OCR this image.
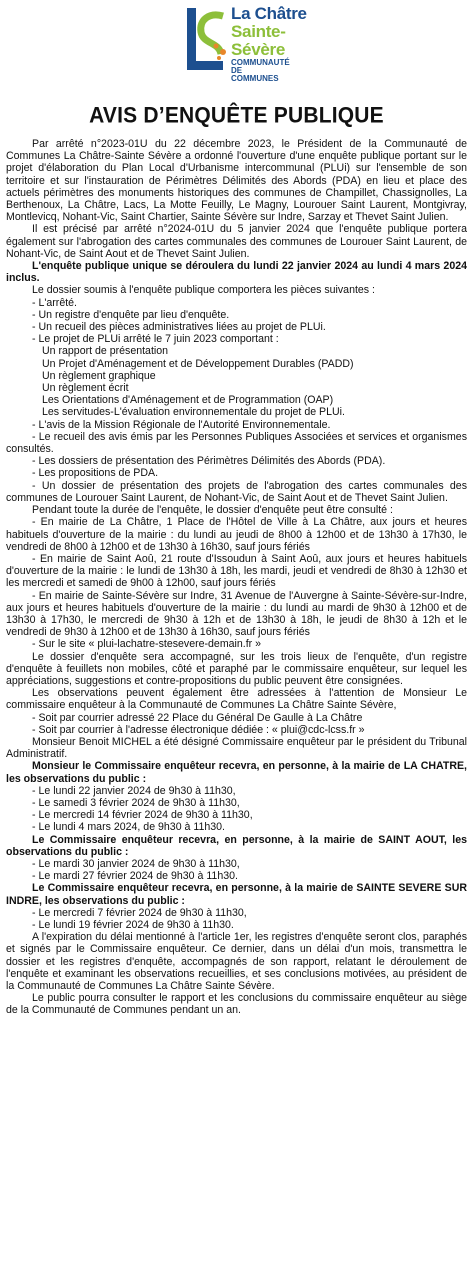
La Châtre
Sainte-
Sévère
COMMUNAUTÉ DE COMMUNES
AVIS D’ENQUÊTE PUBLIQUE

Par arrêté n°2023-01U du 22 décembre 2023, le Président de la Communauté de Communes La Châtre-Sainte Sévère a ordonné l'ouverture d'une enquête publique portant sur le projet d'élaboration du Plan Local d'Urbanisme intercommunal (PLUi) sur l'ensemble de son territoire et sur l'instauration de Périmètres Délimités des Abords (PDA) en lieu et place des actuels périmètres des monuments historiques des communes de Champillet, Chassignolles, La Berthenoux, La Châtre, Lacs, La Motte Feuilly, Le Magny, Lourouer Saint Laurent, Montgivray, Montlevicq, Nohant-Vic, Saint Chartier, Sainte Sévère sur Indre, Sarzay et Thevet Saint Julien.

Il est précisé par arrêté n°2024-01U du 5 janvier 2024 que l'enquête publique portera également sur l'abrogation des cartes communales des communes de Lourouer Saint Laurent, de Nohant-Vic, de Saint Aout et de Thevet Saint Julien.

L'enquête publique unique se déroulera du lundi 22 janvier 2024 au lundi 4 mars 2024 inclus.

Le dossier soumis à l'enquête publique comportera les pièces suivantes :

- L'arrêté.

- Un registre d'enquête par lieu d'enquête.

- Un recueil des pièces administratives liées au projet de PLUi.

- Le projet de PLUi arrêté le 7 juin 2023 comportant :

Un rapport de présentation

Un Projet d'Aménagement et de Développement Durables (PADD)

Un règlement graphique

Un règlement écrit

Les Orientations d'Aménagement et de Programmation (OAP)

Les servitudes-L'évaluation environnementale du projet de PLUi.

- L'avis de la Mission Régionale de l'Autorité Environnementale.

- Le recueil des avis émis par les Personnes Publiques Associées et services et organismes consultés.

- Les dossiers de présentation des Périmètres Délimités des Abords (PDA).

- Les propositions de PDA.

- Un dossier de présentation des projets de l'abrogation des cartes communales des communes de Lourouer Saint Laurent, de Nohant-Vic, de Saint Aout et de Thevet Saint Julien.

Pendant toute la durée de l'enquête, le dossier d'enquête peut être consulté :

- En mairie de La Châtre, 1 Place de l'Hôtel de Ville à La Châtre, aux jours et heures habituels d'ouverture de la mairie : du lundi au jeudi de 8h00 à 12h00 et de 13h30 à 17h30, le vendredi de 8h00 à 12h00 et de 13h30 à 16h30, sauf jours fériés

- En mairie de Saint Aoû, 21 route d'Issoudun à Saint Aoû, aux jours et heures habituels d'ouverture de la mairie : le lundi de 13h30 à 18h, les mardi, jeudi et vendredi de 8h30 à 12h30 et les mercredi et samedi de 9h00 à 12h00, sauf jours fériés

- En mairie de Sainte-Sévère sur Indre, 31 Avenue de l'Auvergne à Sainte-Sévère-sur-Indre, aux jours et heures habituels d'ouverture de la mairie : du lundi au mardi de 9h30 à 12h00 et de 13h30 à 17h30, le mercredi de 9h30 à 12h et de 13h30 à 18h, le jeudi de 8h30 à 12h et le vendredi de 9h30 à 12h00 et de 13h30 à 16h30, sauf jours fériés

- Sur le site « plui-lachatre-stesevere-demain.fr »

Le dossier d'enquête sera accompagné, sur les trois lieux de l'enquête, d'un registre d'enquête à feuillets non mobiles, côté et paraphé par le commissaire enquêteur, sur lequel les appréciations, suggestions et contre-propositions du public peuvent être consignées.

Les observations peuvent également être adressées à l'attention de Monsieur Le commissaire enquêteur à la Communauté de Communes La Châtre Sainte Sévère,

- Soit par courrier adressé 22 Place du Général De Gaulle à La Châtre

- Soit par courrier à l'adresse électronique dédiée : « plui@cdc-lcss.fr »

Monsieur Benoit MICHEL a été désigné Commissaire enquêteur par le président du Tribunal Administratif.

Monsieur le Commissaire enquêteur recevra, en personne, à la mairie de LA CHATRE, les observations du public :

- Le lundi 22 janvier 2024 de 9h30 à 11h30,

- Le samedi 3 février 2024 de 9h30 à 11h30,

- Le mercredi 14 février 2024 de 9h30 à 11h30,

- Le lundi 4 mars 2024, de 9h30 à 11h30.

Le Commissaire enquêteur recevra, en personne, à la mairie de SAINT AOUT, les observations du public :

- Le mardi 30 janvier 2024 de 9h30 à 11h30,

- Le mardi 27 février 2024 de 9h30 à 11h30.

Le Commissaire enquêteur recevra, en personne, à la mairie de SAINTE SEVERE SUR INDRE, les observations du public :

- Le mercredi 7 février 2024 de 9h30 à 11h30,

- Le lundi 19 février 2024 de 9h30 à 11h30.

A l'expiration du délai mentionné à l'article 1er, les registres d'enquête seront clos, paraphés et signés par le Commissaire enquêteur. Ce dernier, dans un délai d'un mois, transmettra le dossier et les registres d'enquête, accompagnés de son rapport, relatant le déroulement de l'enquête et examinant les observations recueillies, et ses conclusions motivées, au président de la Communauté de Communes La Châtre Sainte Sévère.

Le public pourra consulter le rapport et les conclusions du commissaire enquêteur au siège de la Communauté de Communes pendant un an.
